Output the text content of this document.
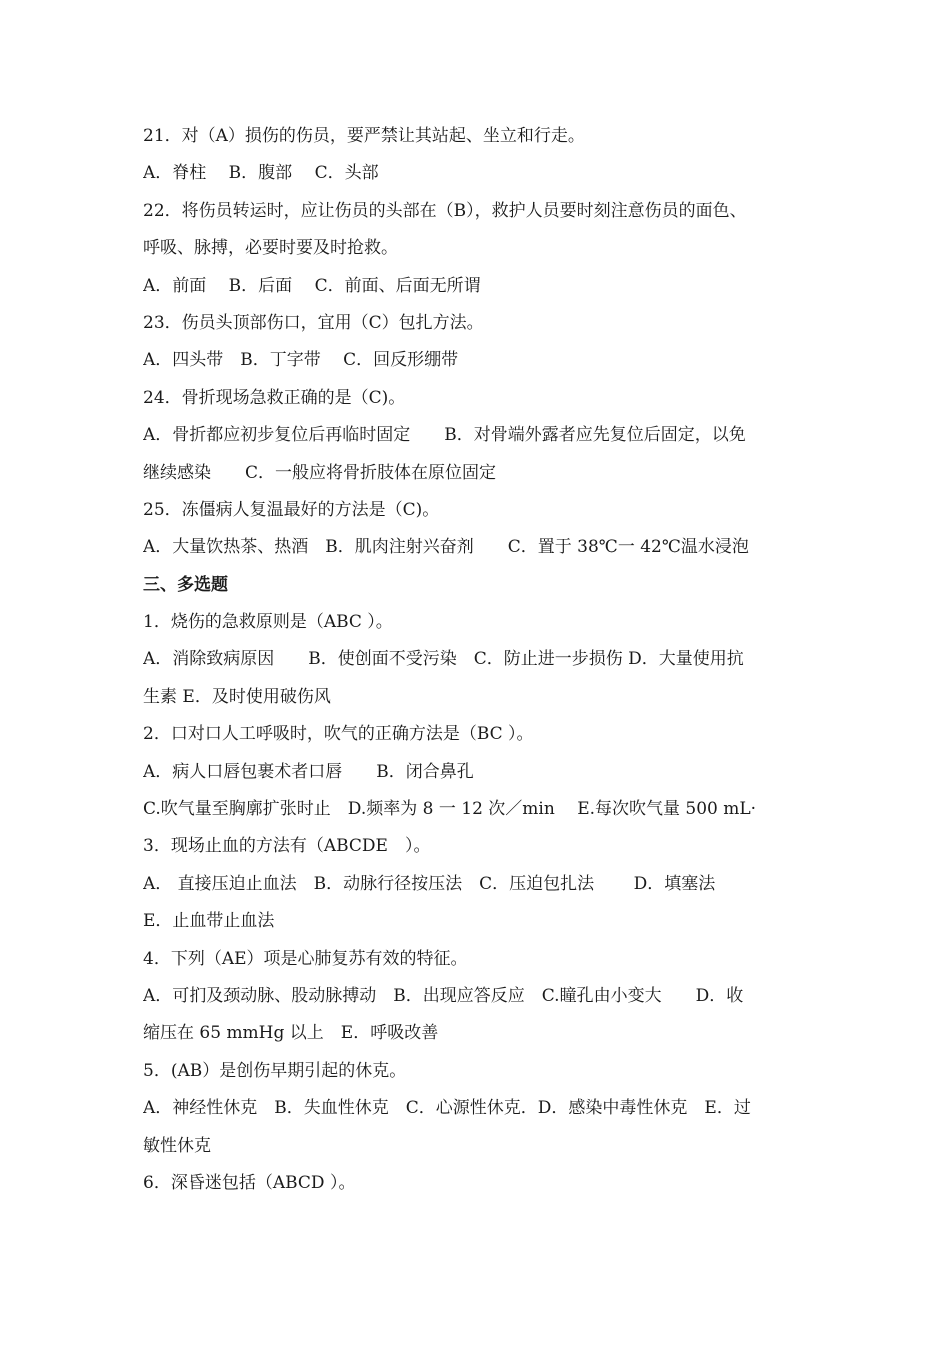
21．对（A）损伤的伤员，要严禁让其站起、坐立和行走。
A．脊柱　 B．腹部　 C．头部
22．将伤员转运时，应让伤员的头部在（B），救护人员要时刻注意伤员的面色、
呼吸、脉搏，必要时要及时抢救。
A．前面　 B．后面　 C．前面、后面无所谓
23．伤员头顶部伤口，宜用（C）包扎方法。
A．四头带　B．丁字带　 C．回反形绷带
24．骨折现场急救正确的是（C)。
A．骨折都应初步复位后再临时固定　　B．对骨端外露者应先复位后固定，以免
继续感染　　C．一般应将骨折肢体在原位固定
25．冻僵病人复温最好的方法是（C)。
A．大量饮热茶、热酒　B．肌肉注射兴奋剂　　C．置于 38℃一 42℃温水浸泡
三、多选题
1．烧伤的急救原则是（ABC ）。
A．消除致病原因　　B．使创面不受污染　C．防止进一步损伤 D．大量使用抗
生素 E．及时使用破伤风
2．口对口人工呼吸时，吹气的正确方法是（BC ）。
A．病人口唇包裹术者口唇　　B．闭合鼻孔
C.吹气量至胸廓扩张时止　D.频率为 8 一 12 次／min　 E.每次吹气量 500 mL·
3．现场止血的方法有（ABCDE　）。
A． 直接压迫止血法　B．动脉行径按压法　C．压迫包扎法　　 D．填塞法
E．止血带止血法
4．下列（AE）项是心肺复苏有效的特征。
A．可扪及颈动脉、股动脉搏动　B．出现应答反应　C.瞳孔由小变大　　D．收
缩压在 65 mmHg 以上　E．呼吸改善
5．(AB）是创伤早期引起的休克。
A．神经性休克　B．失血性休克　C．心源性休克．D．感染中毒性休克　E．过
敏性休克
6．深昏迷包括（ABCD ）。
